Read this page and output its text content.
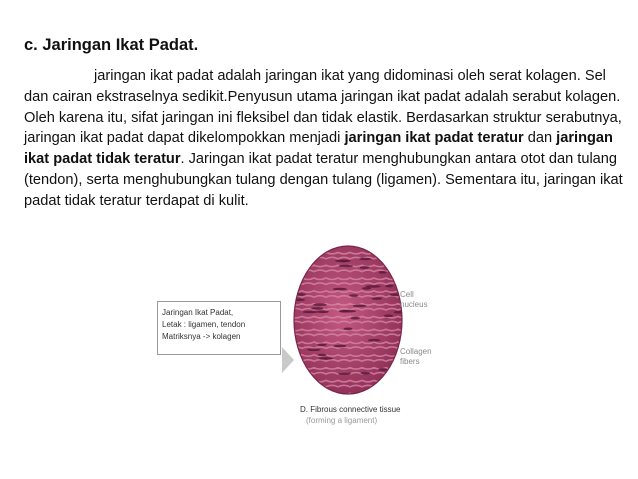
c. Jaringan Ikat Padat.

jaringan ikat padat adalah jaringan ikat yang didominasi oleh serat kolagen. Sel dan cairan ekstraselnya sedikit.Penyusun utama jaringan ikat padat adalah serabut kolagen. Oleh karena itu, sifat jaringan ini fleksibel dan tidak elastik. Berdasarkan struktur serabutnya, jaringan ikat padat dapat dikelompokkan menjadi jaringan ikat padat teratur dan jaringan ikat padat tidak teratur. Jaringan ikat padat teratur menghubungkan antara otot dan tulang (tendon), serta menghubungkan tulang dengan tulang (ligamen). Sementara itu, jaringan ikat padat tidak teratur terdapat di kulit.

Jaringan Ikat Padat,
Letak : ligamen, tendon
Matriksnya -> kolagen
Cell
nucleus
Collagen
fibers
D. Fibrous connective tissue
(forming a ligament)
